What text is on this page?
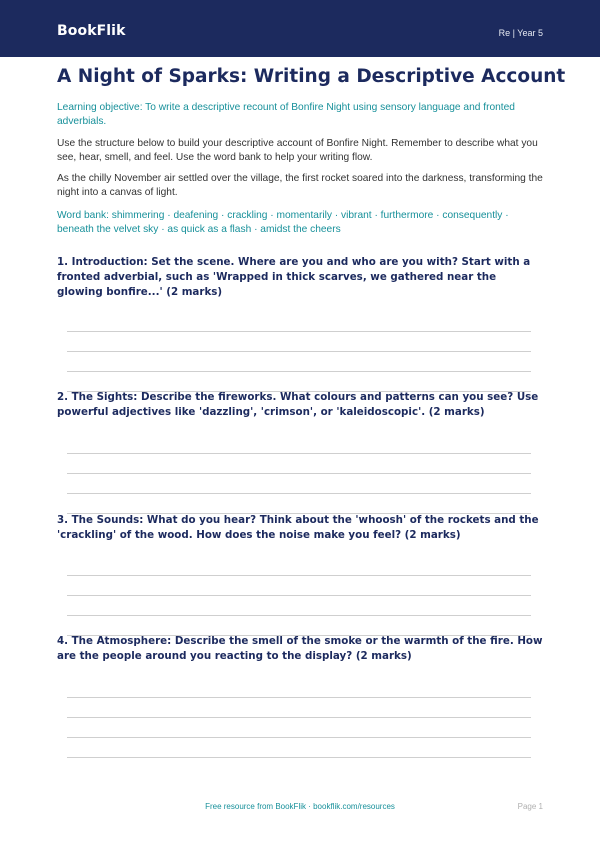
BookFlik	Re | Year 5
A Night of Sparks: Writing a Descriptive Account

Learning objective: To write a descriptive recount of Bonfire Night using sensory language and fronted adverbials.

Use the structure below to build your descriptive account of Bonfire Night. Remember to describe what you see, hear, smell, and feel. Use the word bank to help your writing flow.

As the chilly November air settled over the village, the first rocket soared into the darkness, transforming the night into a canvas of light.

Word bank: shimmering · deafening · crackling · momentarily · vibrant · furthermore · consequently · beneath the velvet sky · as quick as a flash · amidst the cheers

1. Introduction: Set the scene. Where are you and who are you with? Start with a fronted adverbial, such as 'Wrapped in thick scarves, we gathered near the glowing bonfire...' (2 marks)

2. The Sights: Describe the fireworks. What colours and patterns can you see? Use powerful adjectives like 'dazzling', 'crimson', or 'kaleidoscopic'. (2 marks)

3. The Sounds: What do you hear? Think about the 'whoosh' of the rockets and the 'crackling' of the wood. How does the noise make you feel? (2 marks)

4. The Atmosphere: Describe the smell of the smoke or the warmth of the fire. How are the people around you reacting to the display? (2 marks)

Free resource from BookFlik · bookflik.com/resources	Page 1
